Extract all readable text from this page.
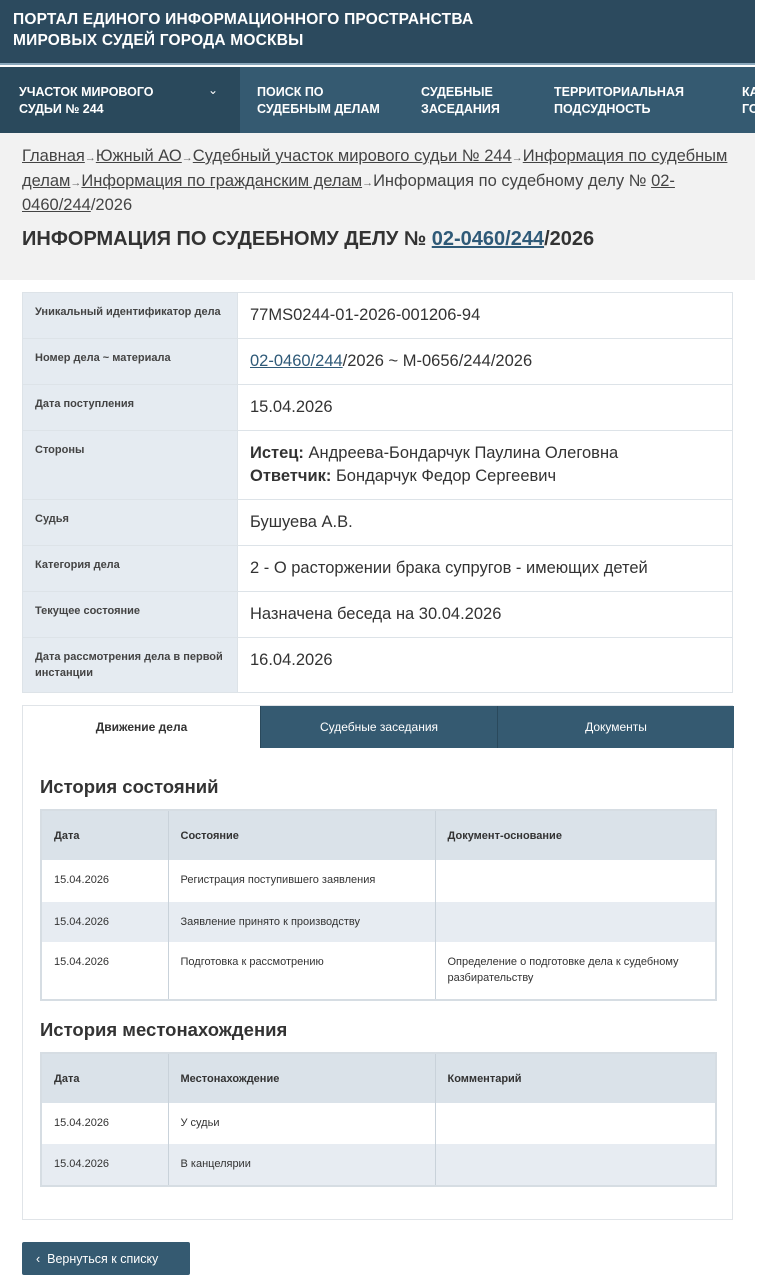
ПОРТАЛ ЕДИНОГО ИНФОРМАЦИОННОГО ПРОСТРАНСТВА
МИРОВЫХ СУДЕЙ ГОРОДА МОСКВЫ
УЧАСТОК МИРОВОГО
СУДЬИ № 244
⌄	ПОИСК ПО
СУДЕБНЫМ ДЕЛАМ
СУДЕБНЫЕ
ЗАСЕДАНИЯ
ТЕРРИТОРИАЛЬНАЯ
ПОДСУДНОСТЬ
КА
ГО
Главная→Южный АО→Судебный участок мирового судьи № 244→Информация по судебным делам→Информация по гражданским делам→Информация по судебному делу № 02-0460/244/2026
ИНФОРМАЦИЯ ПО СУДЕБНОМУ ДЕЛУ № 02-0460/244/2026
Уникальный идентификатор дела	77MS0244-01-2026-001206-94
Номер дела ~ материала	02-0460/244/2026 ~ М-0656/244/2026
Дата поступления	15.04.2026
Стороны	Истец: Андреева-Бондарчук Паулина Олеговна
Ответчик: Бондарчук Федор Сергеевич

Судья	Бушуева А.В.
Категория дела	2 - О расторжении брака супругов - имеющих детей
Текущее состояние	Назначена беседа на 30.04.2026
Дата рассмотрения дела в первой инстанции	16.04.2026
Движение дела	Судебные заседания	Документы
История состояний
Дата	Состояние	Документ-основание
15.04.2026	Регистрация поступившего заявления	
15.04.2026	Заявление принято к производству	
15.04.2026	Подготовка к рассмотрению	Определение о подготовке дела к судебному разбирательству
История местонахождения
Дата	Местонахождение	Комментарий
15.04.2026	У судьи	
15.04.2026	В канцелярии	
‹ Вернуться к списку
